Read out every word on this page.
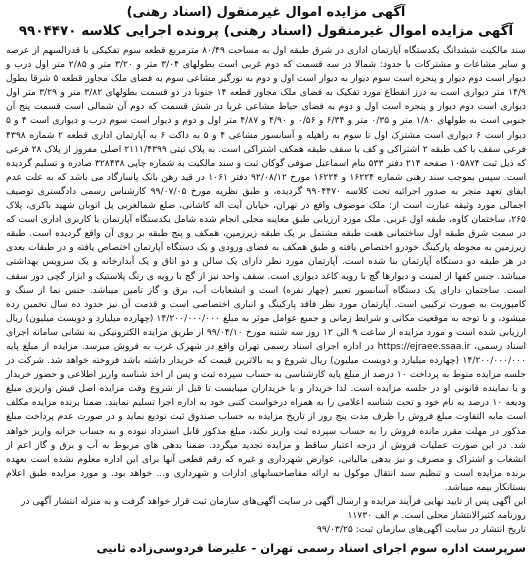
آگهی مزایده اموال غیرمنقول (اسناد رهنی)
آگهی مزایده اموال غیرمنقول (اسناد رهنی) پرونده اجرایی کلاسه ۹۹۰۴۴۷۰
سند مالکیت ششدانگ یکدستگاه آپارتمان اداری در شرق طبقه اول به مساحت ۸۰/۴۹ مترمربع قطعه سوم تفکیکی با قدرالسهم از عرصه و سایر مشاعات و مشترکات با حدود: شمالا در سه قسمت که دوم غربی است بطولهای ۳/۰۴ متر و ۳/۲۰ متر و ۲/۸۵ متر اول درب و دیوار است دوم دیوار و پنجره است سوم دیوار به دیوار است اول و دوم به نورگیر مشاعی سوم به فضای ملک مجاور قطعه ۵ شرقا بطول ۱۴/۹ متر دیواری است به درز انقطاع مورد تفکیک به فضای ملک مجاور قطعه ۱۴ جنوبا در دو قسمت بطولهای ۳/۸۲ متر و ۳/۲۹ متر اول دیواری است دوم دیوار و پنجره است اول و دوم به فضای حیاط مشاعی غربا در شش قسمت که دوم آن شمالی است قسمت پنج آن جنوبی است به طولهای ۱/۸۰ متر و ۰/۳۵ متر و ۶/۳۴ و ۰/۵۶ و ۴/۹۰ و ۴/۸۷ متر اول و دوم و دیوار است سوم درب و دیواری است ۴ و ۵ دیوار است ۶ دیواری است مشترک اول تا سوم به راهپله و آسانسور مشاعی ۴ و ۵ به داکت ۶ به آپارتمان اداری قطعه ۲ شماره ۴۳۹۸ فرعی سقف با کف طبقه ۲ اشتراکی و کف با سقف طبقه همکف اشتراکی است. به پلاک ثبتی ۲۱۱۱/۴۳۹۹ اصلی مفروز از پلاک ۲۸ فرعی که ذیل ثبت ۱۰۵۸۷۴ صفحه ۲۱۴ دفتر ۵۳۳ بنام اسماعیل صوفی گوکان ثبت و سند مالکیت به شماره چاپی ۳۲۸۴۳۸ صادره و تسلیم گردیده است. سپس بموجب سند رهنی شماره ۱۶۲۲۴ و ۱۶۲۲۴ مورخ ۹۲/۰۸/۱۲ دفتر ۱۰۶۱ در قید رهن بانک پاسارگاد می باشد که به علت عدم ایفای تعهد منجر به صدور اجرائیه تحت کلاسه ۹۹۰۴۴۷۰ گردیده، و طبق نظریه مورخ ۹۹/۰۷/۰۵ کارشناس رسمی دادگستری توصیف اجمالی مورد وثیقه عبارت است از: ملک موصوف واقع در تهران، خیابان آیت اله کاشانی، ضلع شمالغربی پل اتوبان شهید باکری، پلاک ۲۶۵، ساختمان کاوه، طبقه اول غربی. ملک مورد ارزیابی طبق معاینه محلی انجام شده شامل یکدستگاه آپارتمان با کاربری اداری است که در سمت شرق طبقه اول ساختمانی هفت طبقه مشتمل بر یک طبقه زیرزمین، همکف و پنج طبقه بر روی آن واقع گردیده است. طبقه زیرزمین به محوطه پارکینگ خودرو اختصاص یافته و طبق همکف به فضای ورودی و یک دستگاه آپارتمان اختصاص یافته و در طبقات بعدی در هر طبقه دو دستگاه آپارتمان بنا شده است. آپارتمان مورد نظر دارای یک سالن و دو اتاق و یک آبدارخانه و یک سرویس بهداشتی میباشد. جنس کفها از لمینت و دیوارها گچ با رویه کاغذ دیواری است. سقف واحد نیز از گچ با رویه ی رنگ پلاستیک و ابزار گچی دور سقف است. ساختمان دارای یک دستگاه آسانسور تعبیر (چهار نفره) است و انشعابات آب، برق و گاز تامین میباشد. جنس نما از سنگ و کامپوزیت به صورت ترکیبی است. آپارتمان مورد نظر فاقد پارکینگ و انباری اختصاصی است و قدمت آن نیز حدود ده سال تخمین زده میشود، و با توجه به موقعیت مکانی و شرایط زمانی و جمیع عوامل موثر به مبلغ ۱۴/۲۰۰/۰۰۰/۰۰۰ (چهارده میلیارد و دویست میلیون) ریال ارزیابی شده است و مورد مزایده از ساعت ۹ الی ۱۲ روز سه شنبه مورخ ۹۹/۰۴/۱۰ از طریق مزایده الکترونیکی به نشانی سامانه اجرای اسناد رسمی، https://ejraee.ssaa.ir در اداره اجرای اسناد رسمی تهران واقع در شهرک غرب به فروش میرسد. مزایده از مبلغ پایه ۱۴/۲۰۰/۰۰۰/۰۰۰ (چهارده میلیارد و دویست میلیون) ریال شروع و به بالاترین قیمت که خریدار داشته باشد فروخته خواهد شد. شرکت در جلسه مزایده منوط به پرداخت ۱۰ درصد از مبلغ پایه کارشناسی به حساب سپرده ثبت و پس از اخذ شناسه واریز اطلاعی و حضور خریدار و یا نماینده قانونی او در جلسه مزایده است. لذا خریدار و یا خریداران میبایست تا قبل از شروع وقت مزایده اصل فیش واریزی مبلغ ودیعه ۱۰ درصد به نام خود و تحت شناسه اعلامی را به همراه درخواست کتبی خود به اداره اجرا تسلیم نمایند. ضمنا برنده مزایده مکلف است مابه التفاوت مبلغ فروش را ظرف مدت پنج روز از تاریخ مزایده به حساب صندوق ثبت تودیع نماید و در صورت عدم پرداخت مبلغ مذکور در مهلت مقرر مانده فروش را به حساب سپرده ثبت واریز نکند، مبلغ مذکور قابل استرداد نبوده و به حساب خزانه واریز خواهد شد. در این صورت عملیات فروش از درجه اعتبار ساقط و مزایده تجدید میگردد. ضمنا بدهی های مربوط به آب و برق و گاز اعم از انشعاب و اشتراک و مصرف و نیز بدهی مالیاتی، عوارض شهرداری و غیره که رقم قطعی آنها برای این اداره معلوم نشده است بعهده برنده مزایده است و تنظیم سند انتقال موکول به ارائه مفاصاحسابهای ادارات و شهرداری و... خواهد بود. و مورد مزایده طبق اعلام بستانکار بیمه میباشد.
این آگهی پس از تایید نهایی فرآیند مزایده و ارسال آگهی در سایت آگهی‌های سازمان ثبت قرار خواهد گرفت و به منزله انتشار آگهی در روزنامه کثیرالانتشار محلی است. م الف ۱۱۷۳۰
تاریخ انتشار در سایت آگهی‌های سازمان ثبت: ۹۹/۰۳/۲۵
سرپرست اداره سوم اجرای اسناد رسمی تهران - علیرضا فردوسی‌زاده ثانیی
